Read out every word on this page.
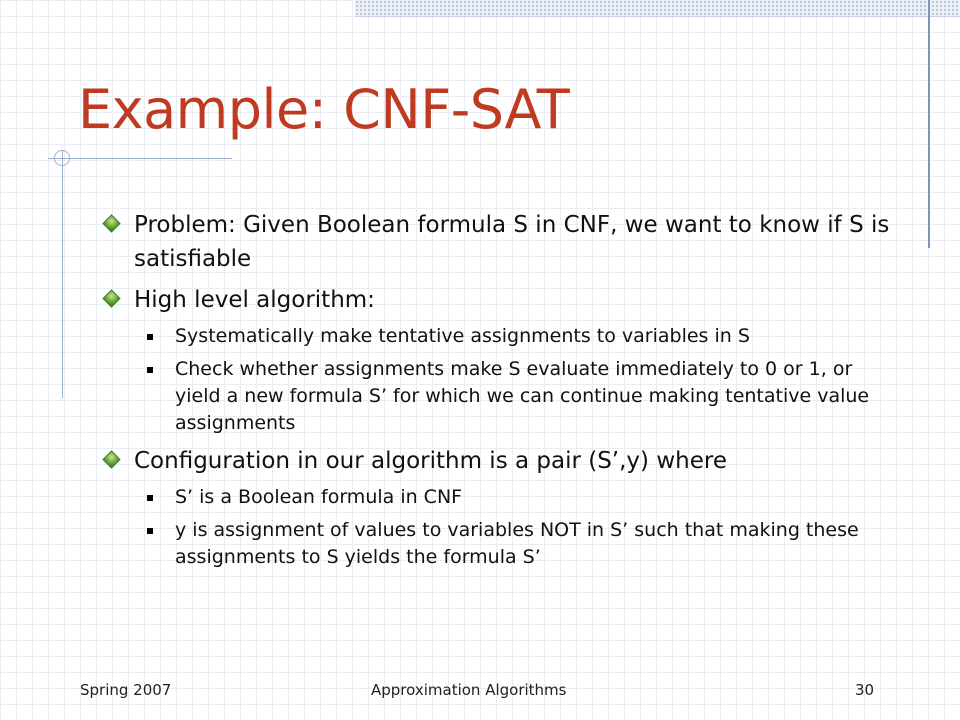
Example: CNF-SAT

Problem: Given Boolean formula S in CNF, we want to know if S is satisfiable

High level algorithm:

Systematically make tentative assignments to variables in S

Check whether assignments make S evaluate immediately to 0 or 1, or yield a new formula S’ for which we can continue making tentative value assignments

Configuration in our algorithm is a pair (S’,y) where

S’ is a Boolean formula in CNF

y is assignment of values to variables NOT in S’ such that making these assignments to S yields the formula S’

Spring 2007	Approximation Algorithms	30
